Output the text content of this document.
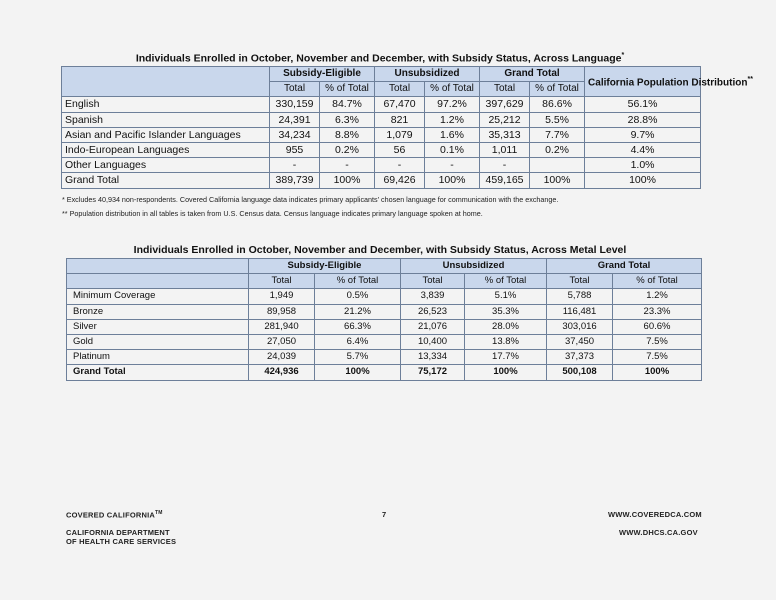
Individuals Enrolled in October, November and December, with Subsidy Status, Across Language*
	Subsidy-Eligible		Unsubsidized		Grand Total		California Population Distribution**
	Total	% of Total	Total	% of Total	Total	% of Total	
English	330,159	84.7%	67,470	97.2%	397,629	86.6%	56.1%
Spanish	24,391	6.3%	821	1.2%	25,212	5.5%	28.8%
Asian and Pacific Islander Languages	34,234	8.8%	1,079	1.6%	35,313	7.7%	9.7%
Indo-European Languages	955	0.2%	56	0.1%	1,011	0.2%	4.4%
Other Languages	-	-	-	-	-		1.0%
Grand Total	389,739	100%	69,426	100%	459,165	100%	100%
* Excludes 40,934 non-respondents. Covered California language data indicates primary applicants' chosen language for communication with the exchange.
** Population distribution in all tables is taken from U.S. Census data. Census language indicates primary language spoken at home.
Individuals Enrolled in October, November and December, with Subsidy Status, Across Metal Level
	Subsidy-Eligible		Unsubsidized		Grand Total	
	Total	% of Total	Total	% of Total	Total	% of Total
Minimum Coverage	1,949	0.5%	3,839	5.1%	5,788	1.2%
Bronze	89,958	21.2%	26,523	35.3%	116,481	23.3%
Silver	281,940	66.3%	21,076	28.0%	303,016	60.6%
Gold	27,050	6.4%	10,400	13.8%	37,450	7.5%
Platinum	24,039	5.7%	13,334	17.7%	37,373	7.5%
Grand Total	424,936	100%	75,172	100%	500,108	100%
COVERED CALIFORNIA™	7	WWW.COVEREDCA.COM
CALIFORNIA DEPARTMENT
OF HEALTH CARE SERVICES
WWW.DHCS.CA.GOV
